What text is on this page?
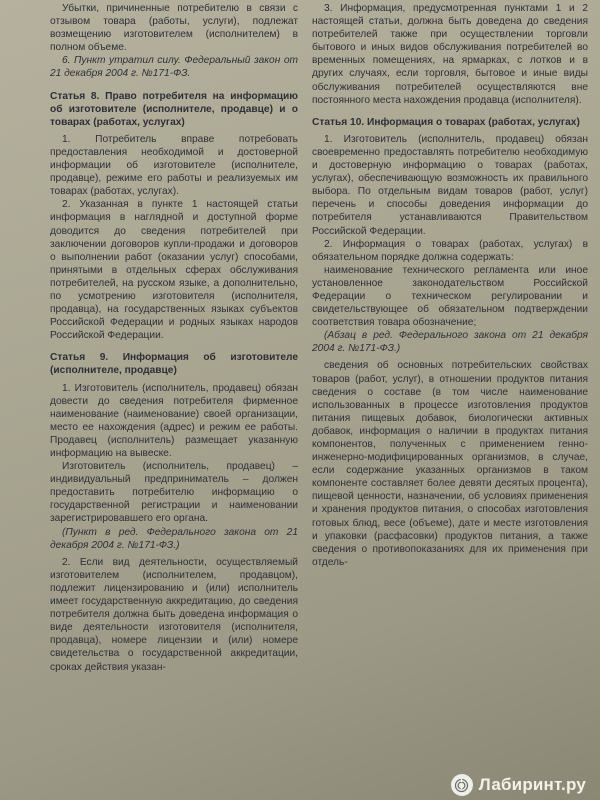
Убытки, причиненные потребителю в связи с отзывом товара (работы, услуги), подлежат возмещению изготовителем (исполнителем) в полном объеме.

6. Пункт утратил силу. Федеральный закон от 21 декабря 2004 г. №171-ФЗ.

Статья 8. Право потребителя на информацию об изготовителе (исполнителе, продавце) и о товарах (работах, услугах)

1. Потребитель вправе потребовать предоставления необходимой и достоверной информации об изготовителе (исполнителе, продавце), режиме его работы и реализуемых им товарах (работах, услугах).

2. Указанная в пункте 1 настоящей статьи информация в наглядной и доступной форме доводится до сведения потребителей при заключении договоров купли-продажи и договоров о выполнении работ (оказании услуг) способами, принятыми в отдельных сферах обслуживания потребителей, на русском языке, а дополнительно, по усмотрению изготовителя (исполнителя, продавца), на государственных языках субъектов Российской Федерации и родных языках народов Российской Федерации.

Статья 9. Информация об изготовителе (исполнителе, продавце)

1. Изготовитель (исполнитель, продавец) обязан довести до сведения потребителя фирменное наименование (наименование) своей организации, место ее нахождения (адрес) и режим ее работы. Продавец (исполнитель) размещает указанную информацию на вывеске.

Изготовитель (исполнитель, продавец) – индивидуальный предприниматель – должен предоставить потребителю информацию о государственной регистрации и наименовании зарегистрировавшего его органа.

(Пункт в ред. Федерального закона от 21 декабря 2004 г. №171-ФЗ.)

2. Если вид деятельности, осуществляемый изготовителем (исполнителем, продавцом), подлежит лицензированию и (или) исполнитель имеет государственную аккредитацию, до сведения потребителя должна быть доведена информация о виде деятельности изготовителя (исполнителя, продавца), номере лицензии и (или) номере свидетельства о государственной аккредитации, сроках действия указан-

3. Информация, предусмотренная пунктами 1 и 2 настоящей статьи, должна быть доведена до сведения потребителей также при осуществлении торговли бытового и иных видов обслуживания потребителей во временных помещениях, на ярмарках, с лотков и в других случаях, если торговля, бытовое и иные виды обслуживания потребителей осуществляются вне постоянного места нахождения продавца (исполнителя).

Статья 10. Информация о товарах (работах, услугах)

1. Изготовитель (исполнитель, продавец) обязан своевременно предоставлять потребителю необходимую и достоверную информацию о товарах (работах, услугах), обеспечивающую возможность их правильного выбора. По отдельным видам товаров (работ, услуг) перечень и способы доведения информации до потребителя устанавливаются Правительством Российской Федерации.

2. Информация о товарах (работах, услугах) в обязательном порядке должна содержать:

наименование технического регламента или иное установленное законодательством Российской Федерации о техническом регулировании и свидетельствующее об обязательном подтверждении соответствия товара обозначение;

(Абзац в ред. Федерального закона от 21 декабря 2004 г. №171-ФЗ.)

сведения об основных потребительских свойствах товаров (работ, услуг), в отношении продуктов питания сведения о составе (в том числе наименование использованных в процессе изготовления продуктов питания пищевых добавок, биологически активных добавок, информация о наличии в продуктах питания компонентов, полученных с применением генно-инженерно-модифицированных организмов, в случае, если содержание указанных организмов в таком компоненте составляет более девяти десятых процента), пищевой ценности, назначении, об условиях применения и хранения продуктов питания, о способах изготовления готовых блюд, весе (объеме), дате и месте изготовления и упаковки (расфасовки) продуктов питания, а также сведения о противопоказаниях для их применения при отдель-

Лабиринт.ру
